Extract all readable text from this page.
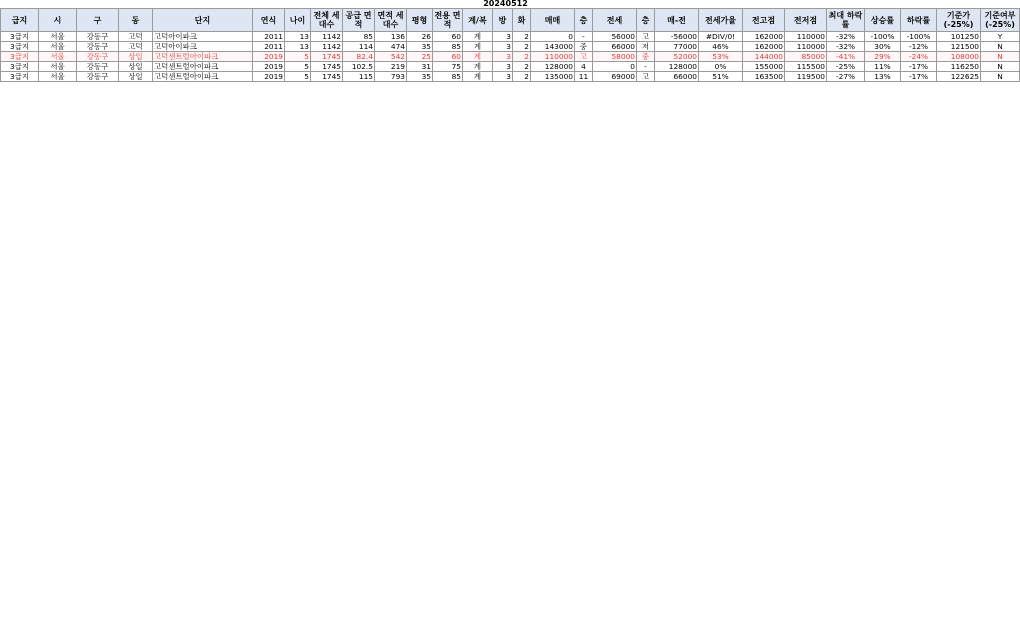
20240512
급지	시	구	동	단지	연식	나이	전체 세대수	공급 면적	면적 세대수	평형	전용 면적	계/복	방	화	매매	층	전세	층	매-전	전세가율	전고점	전저점	최대 하락률	상승률	하락률	기준가 (-25%)	기준여부 (-25%)
3급지	서울	강동구	고덕	고덕아이파크	2011	13	1142	85	136	26	60	계	3	2	0	-	56000	고	-56000	#DIV/0!	162000	110000	-32%	-100%	-100%	101250	Y
3급지	서울	강동구	고덕	고덕아이파크	2011	13	1142	114	474	35	85	계	3	2	143000	중	66000	저	77000	46%	162000	110000	-32%	30%	-12%	121500	N
3급지	서울	강동구	상일	고덕센트럴아이파크	2019	5	1745	82.4	542	25	60	계	3	2	110000	고	58000	중	52000	53%	144000	85000	-41%	29%	-24%	108000	N
3급지	서울	강동구	상일	고덕센트럴아이파크	2019	5	1745	102.5	219	31	75	계	3	2	128000	4	0	-	128000	0%	155000	115500	-25%	11%	-17%	116250	N
3급지	서울	강동구	상일	고덕센트럴아이파크	2019	5	1745	115	793	35	85	계	3	2	135000	11	69000	고	66000	51%	163500	119500	-27%	13%	-17%	122625	N
